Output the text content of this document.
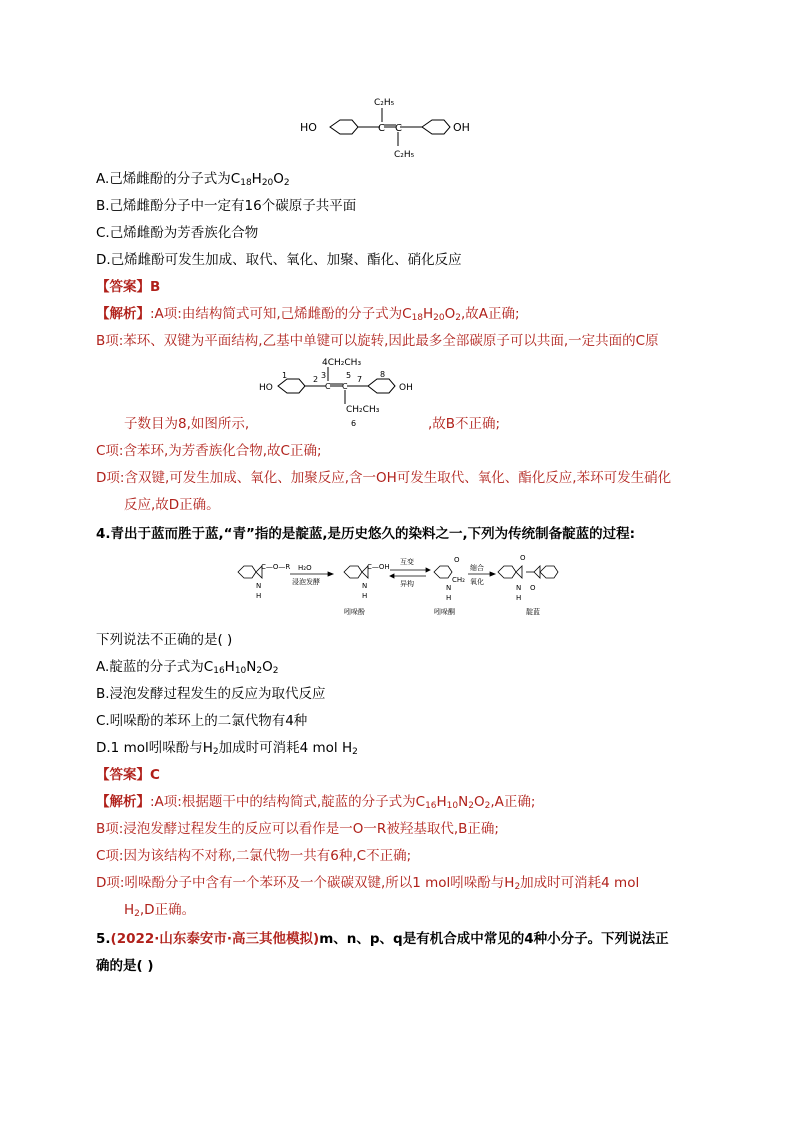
HO	OH
C C
C₂H₅
C₂H₅
A.己烯雌酚的分子式为$C_{18}H_{20}O_2$
B.己烯雌酚分子中一定有16个碳原子共平面
C.己烯雌酚为芳香族化合物
D.己烯雌酚可发生加成、取代、氧化、加聚、酯化、硝化反应
【答案】B
【解析】:A项:由结构简式可知,己烯雌酚的分子式为$C_{18}H_{20}O_2$,故A正确;
B项:苯环、双键为平面结构,乙基中单键可以旋转,因此最多全部碳原子可以共面,一定共面的C原
4CH₂CH₃
CH₂CH₃
HO	OH
1	2 3
C C
5 7
8
6
子数目为8,如图所示,	,故B不正确;
C项:含苯环,为芳香族化合物,故C正确;
D项:含双键,可发生加成、氧化、加聚反应,含一OH可发生取代、氧化、酯化反应,苯环可发生硝化
反应,故D正确。
4.青出于蓝而胜于蓝,“青”指的是靛蓝,是历史悠久的染料之一,下列为传统制备靛蓝的过程:
C—O—R
N
H
H₂O
浸泡发酵
C—OH
N
H
吲哚酚
互变
异构
O
CH₂
N
H
吲哚酮
缩合
氧化
O
O
N
H
靛蓝
下列说法不正确的是( )
A.靛蓝的分子式为$C_{16}H_{10}N_2O_2$
B.浸泡发酵过程发生的反应为取代反应
C.吲哚酚的苯环上的二氯代物有4种
D.1 mol吲哚酚与$H_2$加成时可消耗4 mol $H_2$
【答案】C
【解析】:A项:根据题干中的结构简式,靛蓝的分子式为$C_{16}H_{10}N_2O_2,A$正确;
B项:浸泡发酵过程发生的反应可以看作是一O一R被羟基取代,B正确;
C项:因为该结构不对称,二氯代物一共有6种,C不正确;
D项:吲哚酚分子中含有一个苯环及一个碳碳双键,所以1 mol吲哚酚与$H_2$加成时可消耗4 mol
$H_2,D$正确。
5.(2022·山东泰安市·高三其他模拟)m、n、p、q是有机合成中常见的4种小分子。下列说法正
确的是( )
